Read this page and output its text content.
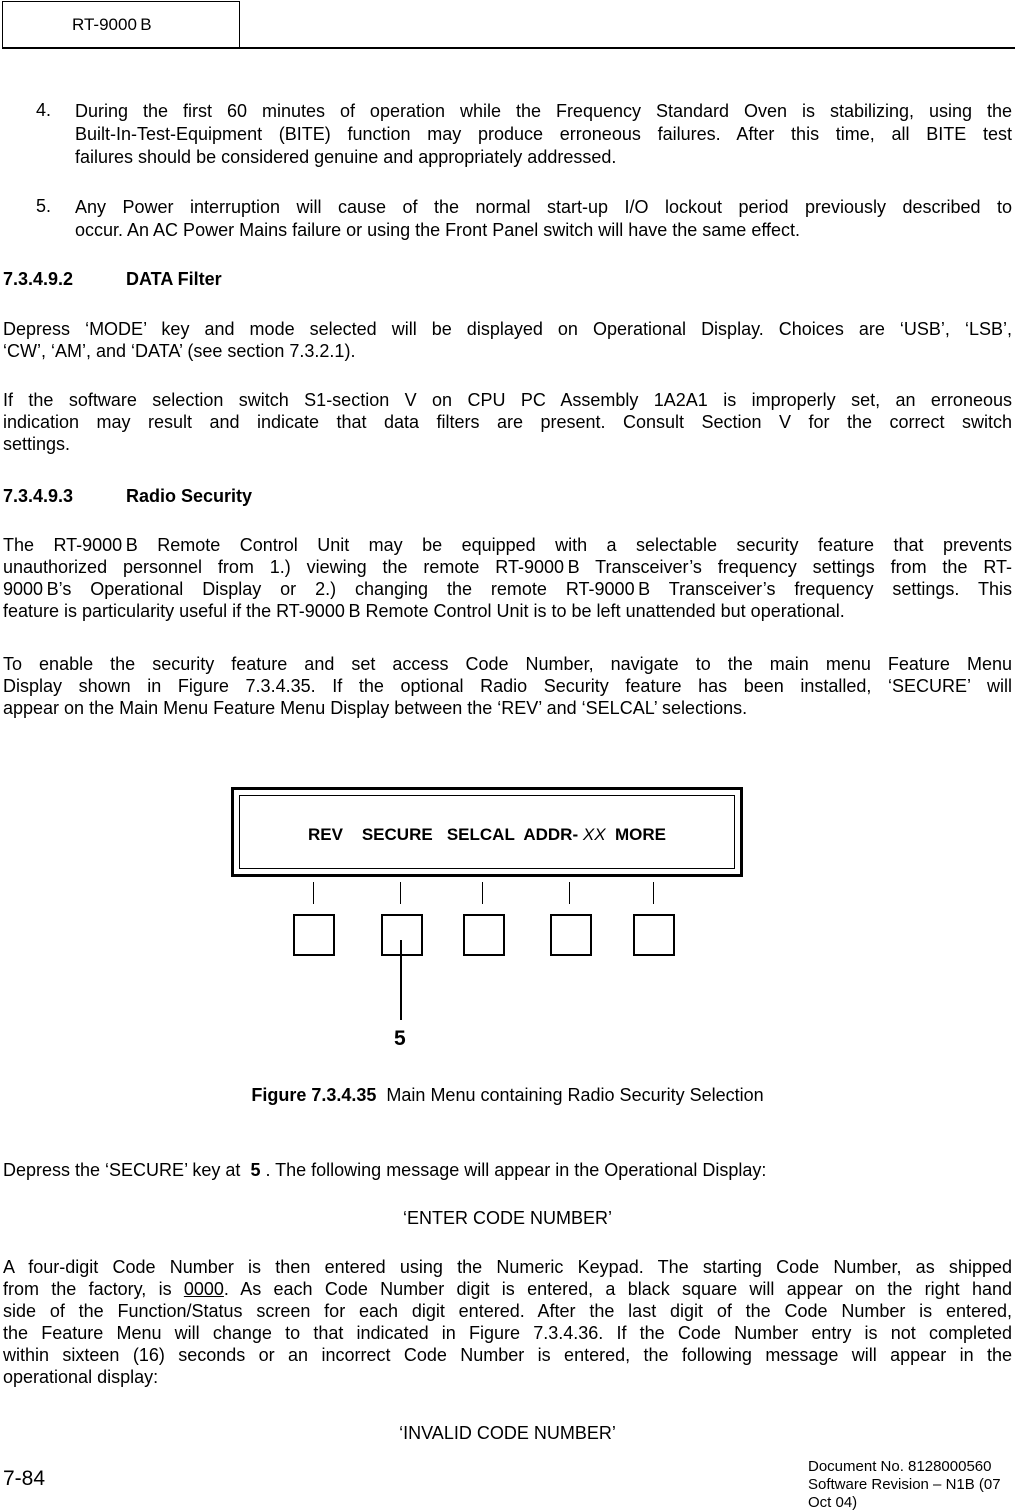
RT-9000 B
4. During the first 60 minutes of operation while the Frequency Standard Oven is stabilizing, using the
Built-In-Test-Equipment (BITE) function may produce erroneous failures. After this time, all BITE test
failures should be considered genuine and appropriately addressed.
5. Any Power interruption will cause of the normal start-up I/O lockout period previously described to
occur. An AC Power Mains failure or using the Front Panel switch will have the same effect.
7.3.4.9.2	DATA Filter
Depress ‘MODE’ key and mode selected will be displayed on Operational Display. Choices are ‘USB’, ‘LSB’,
‘CW’, ‘AM’, and ‘DATA’ (see section 7.3.2.1).
If the software selection switch S1-section V on CPU PC Assembly 1A2A1 is improperly set, an erroneous
indication may result and indicate that data filters are present. Consult Section V for the correct switch
settings.
7.3.4.9.3	Radio Security
The RT-9000 B Remote Control Unit may be equipped with a selectable security feature that prevents
unauthorized personnel from 1.) viewing the remote RT-9000 B Transceiver’s frequency settings from the RT-
9000 B’s Operational Display or 2.) changing the remote RT-9000 B Transceiver’s frequency settings. This
feature is particularity useful if the RT-9000 B Remote Control Unit is to be left unattended but operational.
To enable the security feature and set access Code Number, navigate to the main menu Feature Menu
Display shown in Figure 7.3.4.35. If the optional Radio Security feature has been installed, ‘SECURE’ will
appear on the Main Menu Feature Menu Display between the ‘REV’ and ‘SELCAL’ selections.
REV    SECURE   SELCAL  ADDR- XX  MORE
5
Figure 7.3.4.35 Main Menu containing Radio Security Selection
Depress the ‘SECURE’ key at  5 . The following message will appear in the Operational Display:
‘ENTER CODE NUMBER’
A four-digit Code Number is then entered using the Numeric Keypad. The starting Code Number, as shipped
from the factory, is 0000. As each Code Number digit is entered, a black square will appear on the right hand
side of the Function/Status screen for each digit entered. After the last digit of the Code Number is entered,
the Feature Menu will change to that indicated in Figure 7.3.4.36. If the Code Number entry is not completed
within sixteen (16) seconds or an incorrect Code Number is entered, the following message will appear in the
operational display:
‘INVALID CODE NUMBER’
7-84
Document No. 8128000560
Software Revision – N1B (07 Oct 04)
